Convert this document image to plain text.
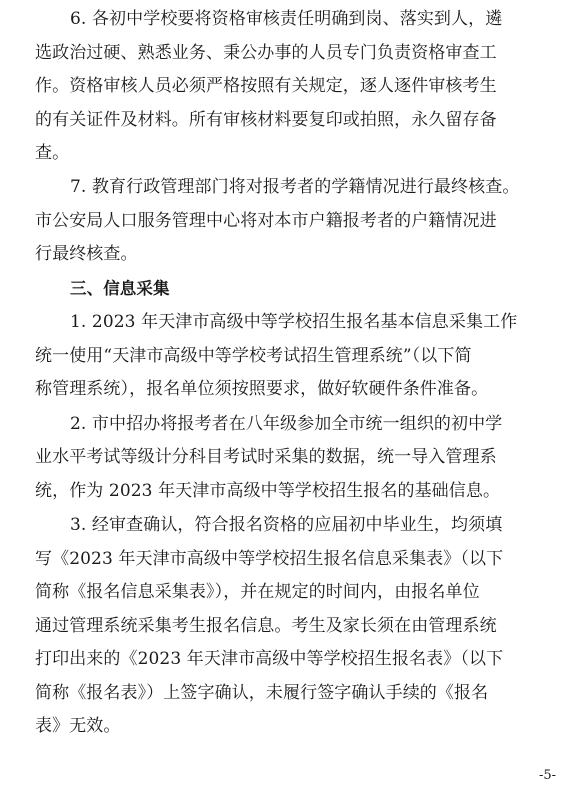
6. 各初中学校要将资格审核责任明确到岗、落实到人，遴
选政治过硬、熟悉业务、秉公办事的人员专门负责资格审查工
作。资格审核人员必须严格按照有关规定，逐人逐件审核考生
的有关证件及材料。所有审核材料要复印或拍照，永久留存备
查。
7. 教育行政管理部门将对报考者的学籍情况进行最终核查。
市公安局人口服务管理中心将对本市户籍报考者的户籍情况进
行最终核查。
三、信息采集
1. 2023 年天津市高级中等学校招生报名基本信息采集工作
统一使用“天津市高级中等学校考试招生管理系统”（以下简
称管理系统），报名单位须按照要求，做好软硬件条件准备。
2. 市中招办将报考者在八年级参加全市统一组织的初中学
业水平考试等级计分科目考试时采集的数据，统一导入管理系
统，作为 2023 年天津市高级中等学校招生报名的基础信息。
3. 经审查确认，符合报名资格的应届初中毕业生，均须填
写《2023 年天津市高级中等学校招生报名信息采集表》（以下
简称《报名信息采集表》），并在规定的时间内，由报名单位
通过管理系统采集考生报名信息。考生及家长须在由管理系统
打印出来的《2023 年天津市高级中等学校招生报名表》（以下
简称《报名表》）上签字确认，未履行签字确认手续的《报名
表》无效。
-5-
